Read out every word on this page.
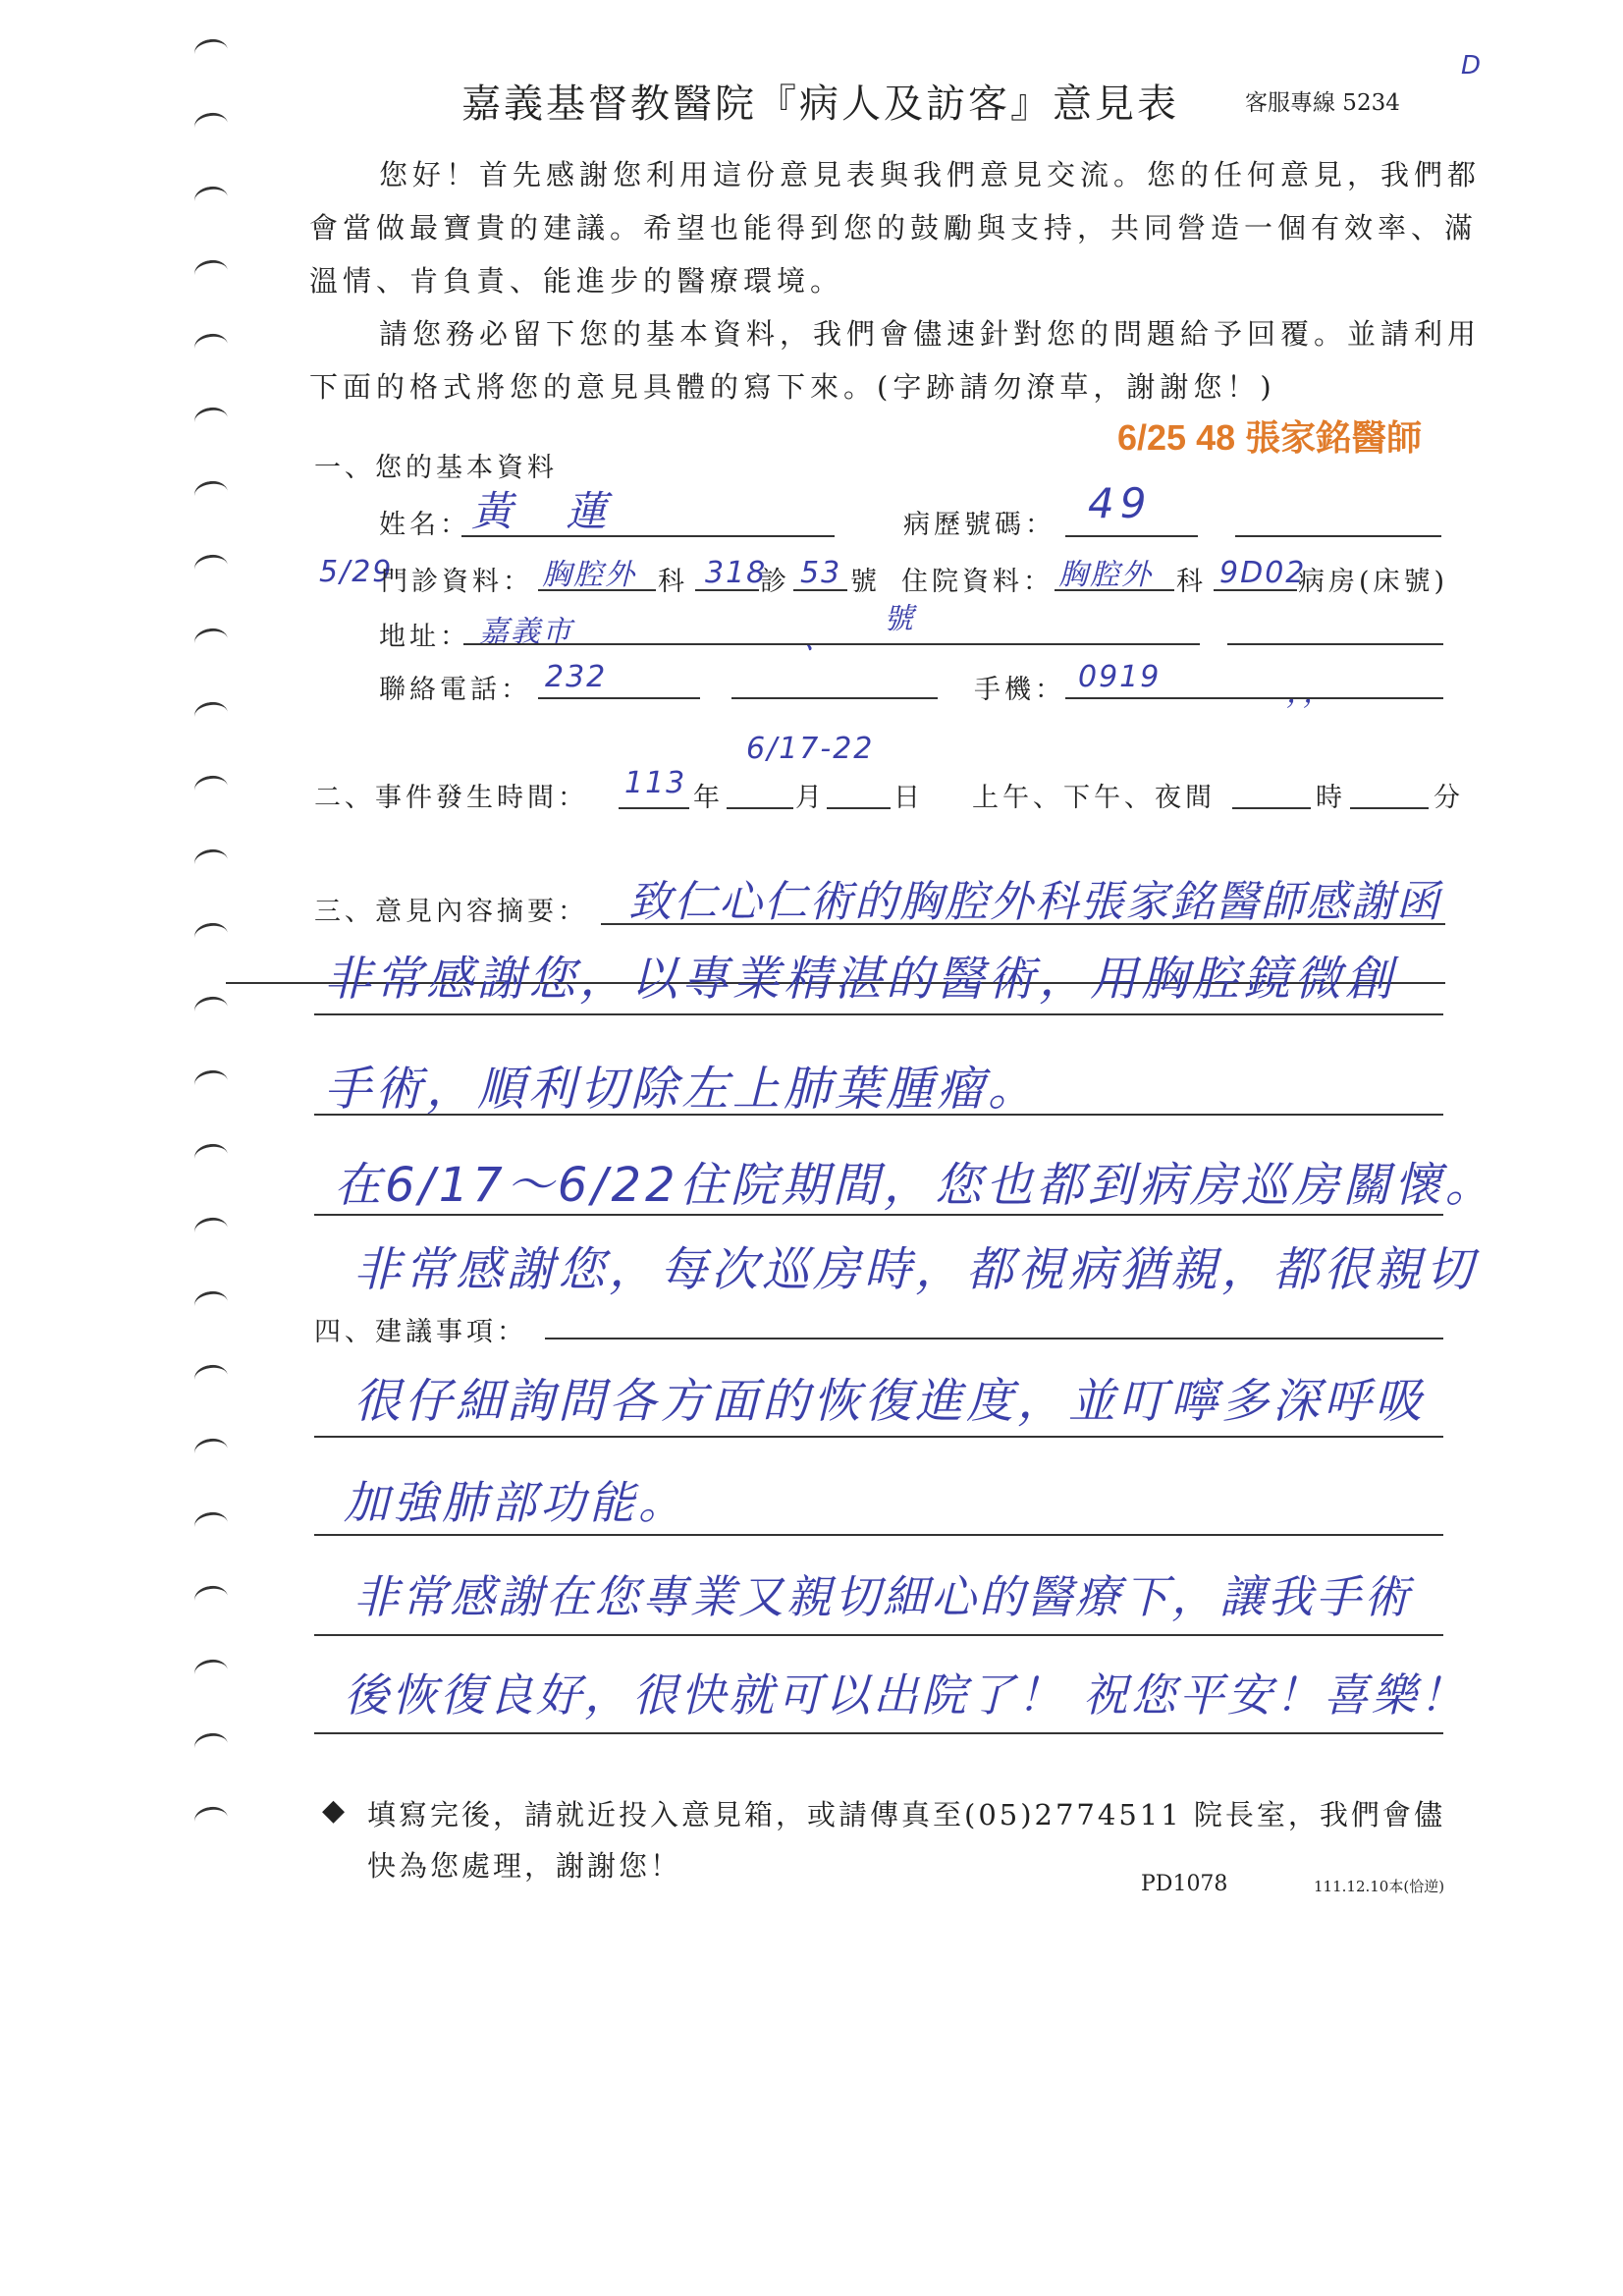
嘉義基督教醫院『病人及訪客』意見表	客服專線 5234
D
您好！首先感謝您利用這份意見表與我們意見交流。您的任何意見，我們都
會當做最寶貴的建議。希望也能得到您的鼓勵與支持，共同營造一個有效率、滿
溫情、肯負責、能進步的醫療環境。
請您務必留下您的基本資料，我們會儘速針對您的問題給予回覆。並請利用
下面的格式將您的意見具體的寫下來。(字跡請勿潦草，謝謝您！)
6/25 48 張家銘醫師
一、您的基本資料
姓名： 黃　蓮	病歷號碼： 49
5/29
門診資料： 胸腔外 科 318
診 53 號 住院資料： 胸腔外 科 9D02
病房(床號)
地址： 嘉義市	、
號
聯絡電話： 232	手機： 0919	，，
6/17-22
二、事件發生時間： 113 年	月	日 上午、下午、夜間	時	分
三、意見內容摘要： 致仁心仁術的胸腔外科張家銘醫師感謝函
非常感謝您，以專業精湛的醫術，用胸腔鏡微創
手術，順利切除左上肺葉腫瘤。
在6/17～6/22住院期間，您也都到病房巡房關懷。
非常感謝您，每次巡房時，都視病猶親，都很親切
四、建議事項：
很仔細詢問各方面的恢復進度，並叮嚀多深呼吸
加強肺部功能。
非常感謝在您專業又親切細心的醫療下，讓我手術
後恢復良好，很快就可以出院了！ 祝您平安！喜樂！
◆ 填寫完後，請就近投入意見箱，或請傳真至(05)2774511 院長室，我們會儘
快為您處理，謝謝您！
PD1078	111.12.10本(恰逆)
